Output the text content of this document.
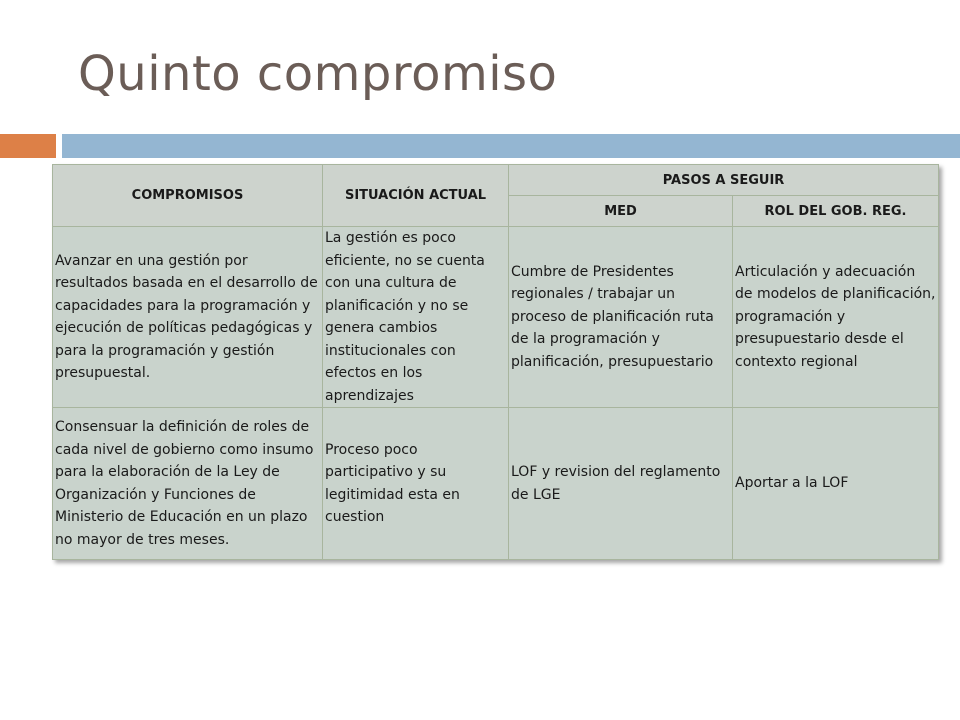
Quinto compromiso
COMPROMISOS	SITUACIÓN ACTUAL	PASOS A SEGUIR	
		MED	ROL DEL GOB. REG.
Avanzar en una gestión por resultados basada en el desarrollo de capacidades para la programación y ejecución de políticas pedagógicas y para la programación y gestión presupuestal.	La gestión es poco eficiente, no se cuenta con una cultura de planificación y no se genera cambios institucionales con efectos en los aprendizajes	Cumbre de Presidentes regionales / trabajar un proceso de planificación ruta de la programación y planificación, presupuestario	Articulación y adecuación de modelos de planificación, programación y presupuestario desde el contexto regional
Consensuar la definición de roles de cada nivel de gobierno como insumo para la elaboración de la Ley de Organización y Funciones de Ministerio de Educación en un plazo no mayor de tres meses.	Proceso poco participativo y su legitimidad esta en cuestion	LOF y revision del reglamento de LGE	Aportar a la LOF
